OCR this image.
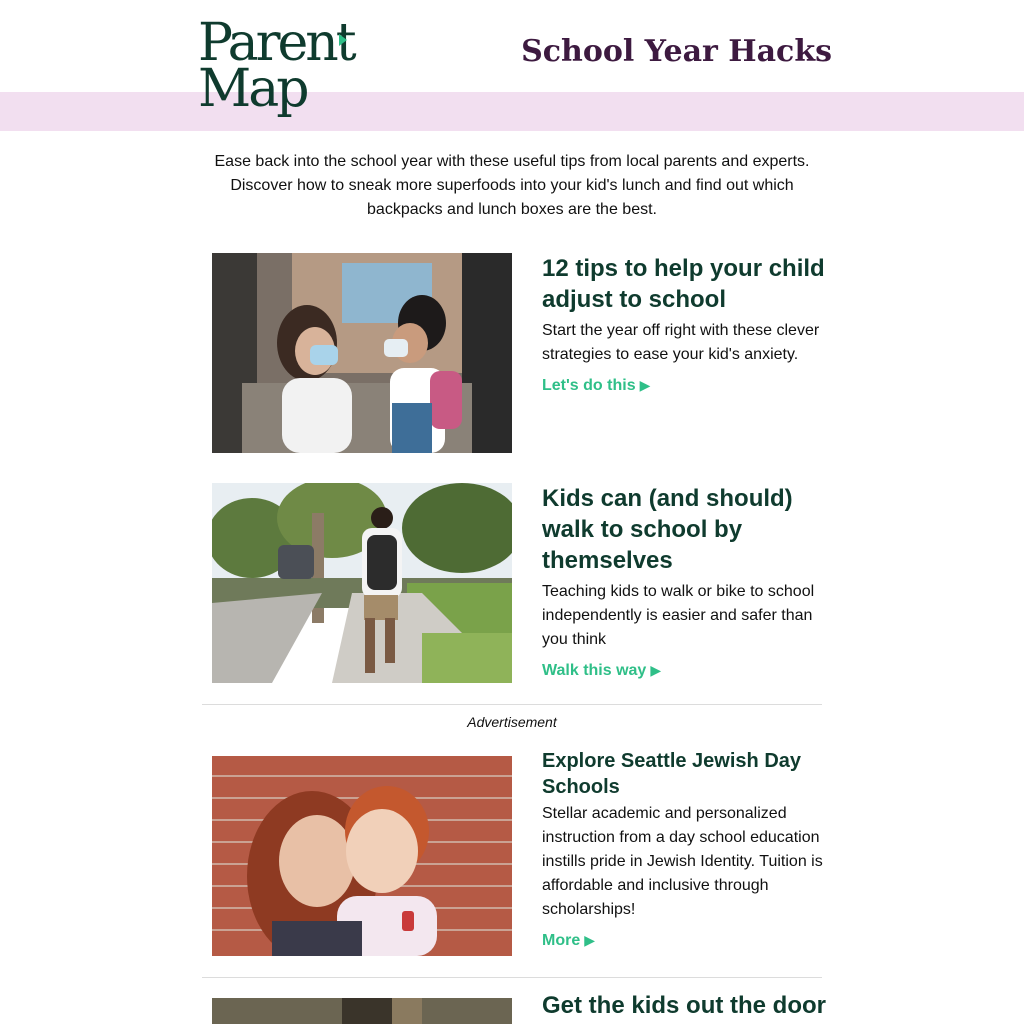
Parent
Map
School Year Hacks

Ease back into the school year with these useful tips from local parents and experts. Discover how to sneak more superfoods into your kid's lunch and find out which backpacks and lunch boxes are the best.

12 tips to help your child adjust to school

Start the year off right with these clever strategies to ease your kid's anxiety.

Let's do this ▶
Kids can (and should) walk to school by themselves

Teaching kids to walk or bike to school independently is easier and safer than you think

Walk this way ▶
Advertisement
Explore Seattle Jewish Day Schools

Stellar academic and personalized instruction from a day school education instills pride in Jewish Identity. Tuition is affordable and inclusive through scholarships!

More ▶
Get the kids out the door
